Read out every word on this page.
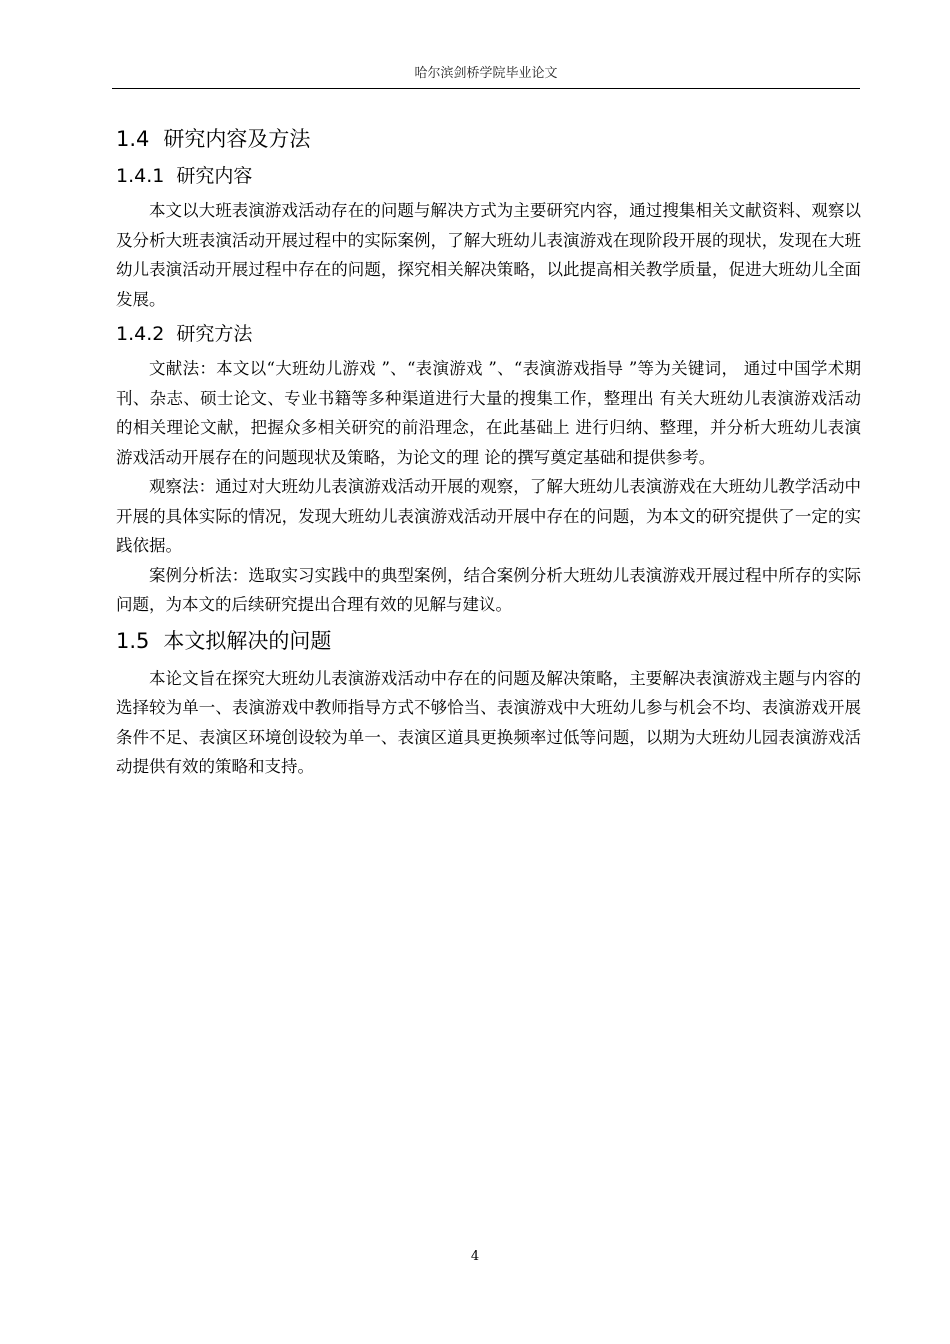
哈尔滨剑桥学院毕业论文
1.4 研究内容及方法
1.4.1 研究内容

本文以大班表演游戏活动存在的问题与解决方式为主要研究内容，通过搜集相关文献资料、观察以及分析大班表演活动开展过程中的实际案例，了解大班幼儿表演游戏在现阶段开展的现状，发现在大班幼儿表演活动开展过程中存在的问题，探究相关解决策略，以此提高相关教学质量，促进大班幼儿全面发展。

1.4.2 研究方法

文献法：本文以“大班幼儿游戏 ”、“表演游戏 ”、“表演游戏指导 ”等为关键词， 通过中国学术期刊、杂志、硕士论文、专业书籍等多种渠道进行大量的搜集工作，整理出 有关大班幼儿表演游戏活动的相关理论文献，把握众多相关研究的前沿理念，在此基础上 进行归纳、整理，并分析大班幼儿表演游戏活动开展存在的问题现状及策略，为论文的理 论的撰写奠定基础和提供参考。

观察法：通过对大班幼儿表演游戏活动开展的观察，了解大班幼儿表演游戏在大班幼儿教学活动中开展的具体实际的情况，发现大班幼儿表演游戏活动开展中存在的问题，为本文的研究提供了一定的实践依据。

案例分析法：选取实习实践中的典型案例，结合案例分析大班幼儿表演游戏开展过程中所存的实际问题，为本文的后续研究提出合理有效的见解与建议。

1.5 本文拟解决的问题

本论文旨在探究大班幼儿表演游戏活动中存在的问题及解决策略，主要解决表演游戏主题与内容的选择较为单一、表演游戏中教师指导方式不够恰当、表演游戏中大班幼儿参与机会不均、表演游戏开展条件不足、表演区环境创设较为单一、表演区道具更换频率过低等问题，以期为大班幼儿园表演游戏活动提供有效的策略和支持。

4
